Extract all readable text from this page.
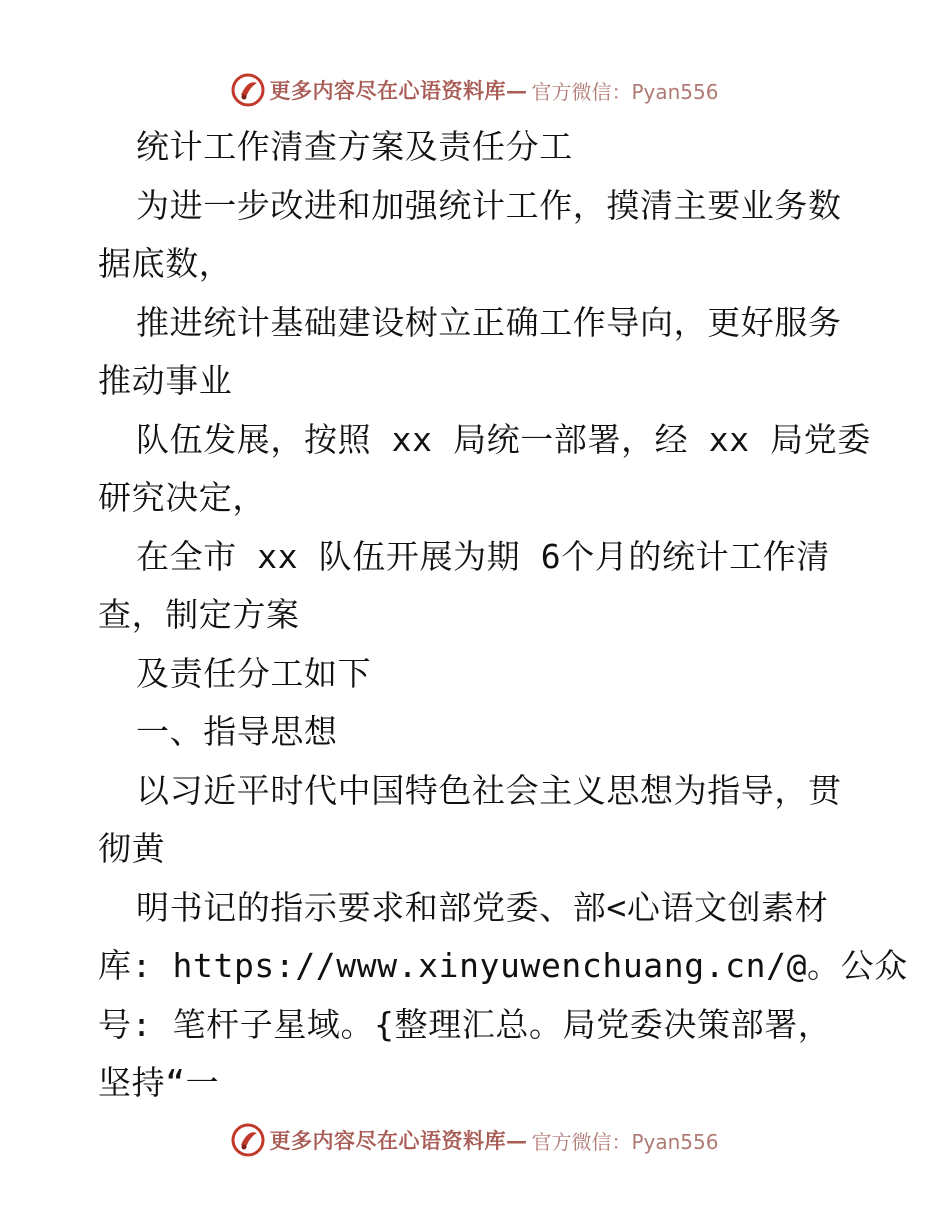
更多内容尽在心语资料库— 官方微信：Pyan556
统计工作清查方案及责任分工
为进一步改进和加强统计工作，摸清主要业务数
据底数，
推进统计基础建设树立正确工作导向，更好服务
推动事业
队伍发展，按照 xx 局统一部署，经 xx 局党委
研究决定，
在全市 xx 队伍开展为期 6个月的统计工作清
查，制定方案
及责任分工如下
一、指导思想
以习近平时代中国特色社会主义思想为指导，贯
彻黄
明书记的指示要求和部党委、部<心语文创素材
库: https://www.xinyuwenchuang.cn/@。公众
号: 笔杆子星域。{整理汇总。局党委决策部署，
坚持“一
更多内容尽在心语资料库— 官方微信：Pyan556
